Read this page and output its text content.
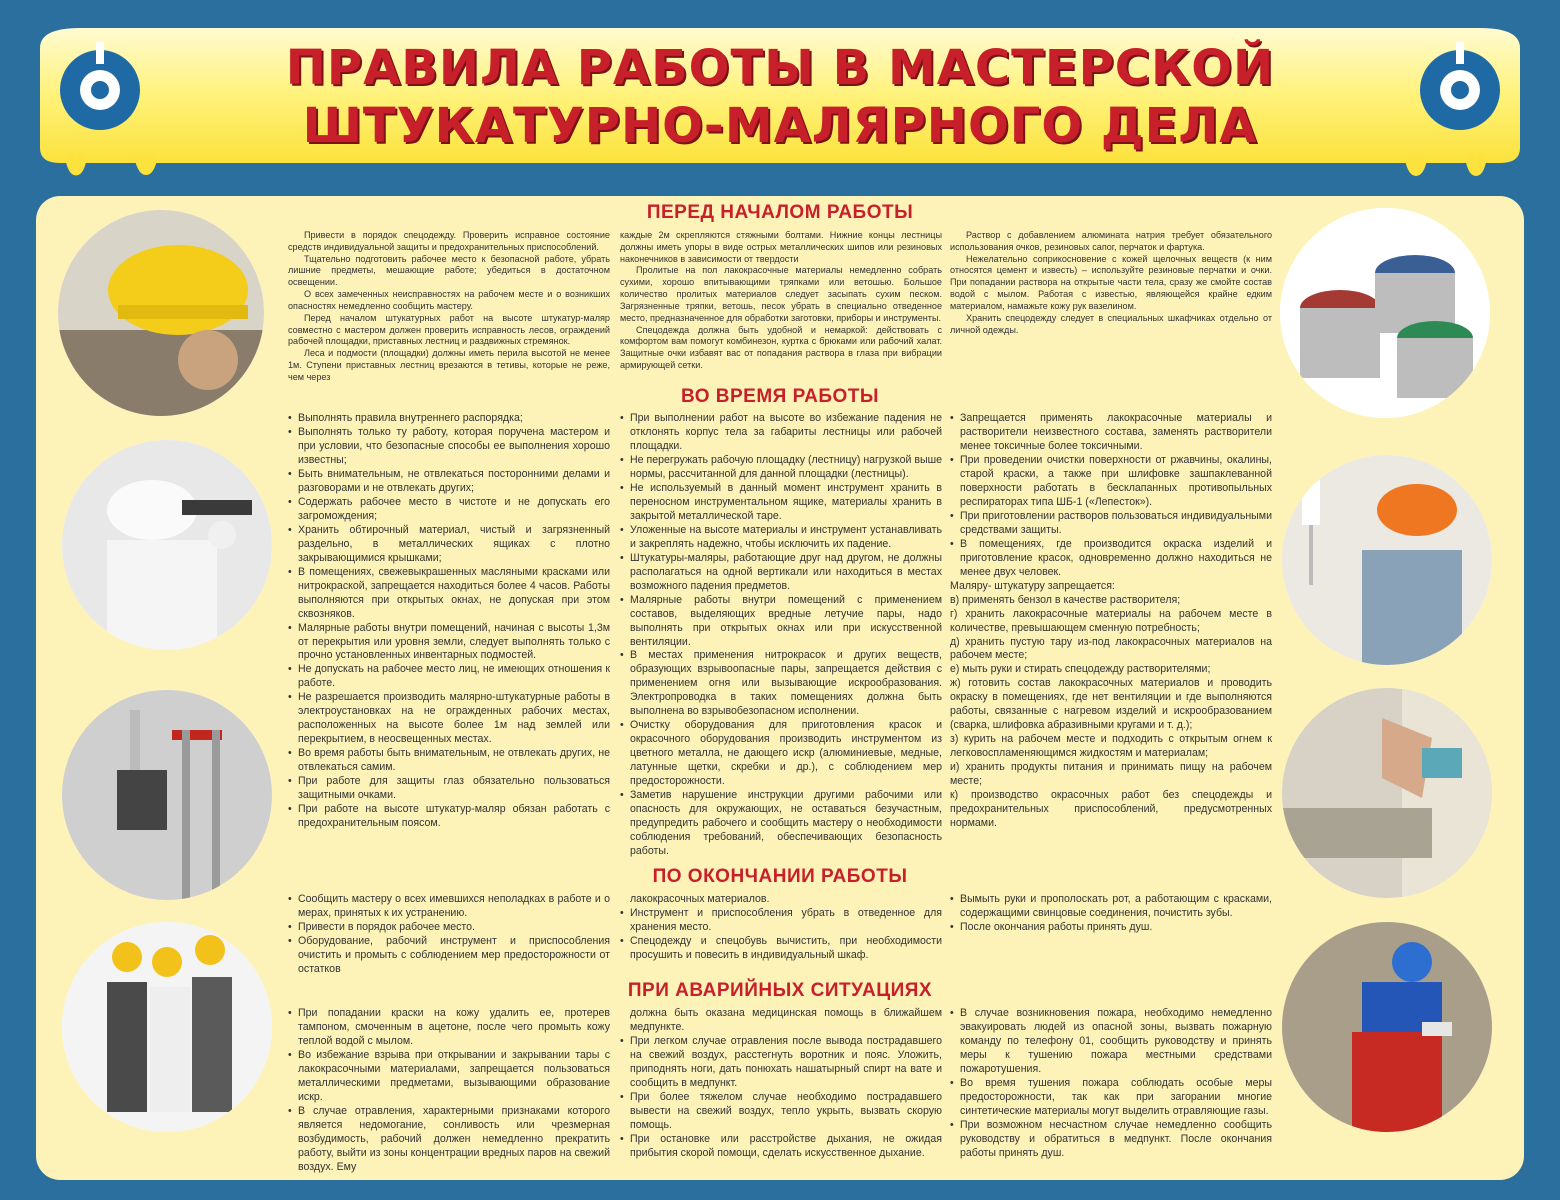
ПРАВИЛА РАБОТЫ В МАСТЕРСКОЙ
ШТУКАТУРНО-МАЛЯРНОГО ДЕЛА
ПЕРЕД НАЧАЛОМ РАБОТЫ

Привести в порядок спецодежду. Проверить исправное состояние средств индивидуальной защиты и предохранительных приспособлений.

Тщательно подготовить рабочее место к безопасной работе, убрать лишние предметы, мешающие работе; убедиться в достаточном освещении.

О всех замеченных неисправностях на рабочем месте и о возникших опасностях немедленно сообщить мастеру.

Перед началом штукатурных работ на высоте штукатур-маляр совместно с мастером должен проверить исправность лесов, ограждений рабочей площадки, приставных лестниц и раздвижных стремянок.

Леса и подмости (площадки) должны иметь перила высотой не менее 1м. Ступени приставных лестниц врезаются в тетивы, которые не реже, чем через

каждые 2м скрепляются стяжными болтами. Нижние концы лестницы должны иметь упоры в виде острых металлических шипов или резиновых наконечников в зависимости от твердости

Пролитые на пол лакокрасочные материалы немедленно собрать сухими, хорошо впитывающими тряпками или ветошью. Большое количество пролитых материалов следует засыпать сухим песком. Загрязненные тряпки, ветошь, песок убрать в специально отведенное место, предназначенное для обработки заготовки, приборы и инструменты.

Спецодежда должна быть удобной и немаркой: действовать с комфортом вам помогут комбинезон, куртка с брюками или рабочий халат. Защитные очки избавят вас от попадания раствора в глаза при вибрации армирующей сетки.

Раствор с добавлением алюмината натрия требует обязательного использования очков, резиновых сапог, перчаток и фартука.

Нежелательно соприкосновение с кожей щелочных веществ (к ним относятся цемент и известь) – используйте резиновые перчатки и очки. При попадании раствора на открытые части тела, сразу же смойте состав водой с мылом. Работая с известью, являющейся крайне едким материалом, намажьте кожу рук вазелином.

Хранить спецодежду следует в специальных шкафчиках отдельно от личной одежды.

ВО ВРЕМЯ РАБОТЫ
• Выполнять правила внутреннего распорядка;
• Выполнять только ту работу, которая поручена мастером и при условии, что безопасные способы ее выполнения хорошо известны;
• Быть внимательным, не отвлекаться посторонними делами и разговорами и не отвлекать других;
• Содержать рабочее место в чистоте и не допускать его загромождения;
• Хранить обтирочный материал, чистый и загрязненный раздельно, в металлических ящиках с плотно закрывающимися крышками;
• В помещениях, свежевыкрашенных масляными красками или нитрокраской, запрещается находиться более 4 часов. Работы выполняются при открытых окнах, не допуская при этом сквозняков.
• Малярные работы внутри помещений, начиная с высоты 1,3м от перекрытия или уровня земли, следует выполнять только с прочно установленных инвентарных подмостей.
• Не допускать на рабочее место лиц, не имеющих отношения к работе.
• Не разрешается производить малярно-штукатурные работы в электроустановках на не огражденных рабочих местах, расположенных на высоте более 1м над землей или перекрытием, в неосвещенных местах.
• Во время работы быть внимательным, не отвлекать других, не отвлекаться самим.
• При работе для защиты глаз обязательно пользоваться защитными очками.
• При работе на высоте штукатур-маляр обязан работать с предохранительным поясом.
• При выполнении работ на высоте во избежание падения не отклонять корпус тела за габариты лестницы или рабочей площадки.
• Не перегружать рабочую площадку (лестницу) нагрузкой выше нормы, рассчитанной для данной площадки (лестницы).
• Не используемый в данный момент инструмент хранить в переносном инструментальном ящике, материалы хранить в закрытой металлической таре.
• Уложенные на высоте материалы и инструмент устанавливать и закреплять надежно, чтобы исключить их падение.
• Штукатуры-маляры, работающие друг над другом, не должны располагаться на одной вертикали или находиться в местах возможного падения предметов.
• Малярные работы внутри помещений с применением составов, выделяющих вредные летучие пары, надо выполнять при открытых окнах или при искусственной вентиляции.
• В местах применения нитрокрасок и других веществ, образующих взрывоопасные пары, запрещается действия с применением огня или вызывающие искрообразования. Электропроводка в таких помещениях должна быть выполнена во взрывобезопасном исполнении.
• Очистку оборудования для приготовления красок и окрасочного оборудования производить инструментом из цветного металла, не дающего искр (алюминиевые, медные, латунные щетки, скребки и др.), с соблюдением мер предосторожности.
• Заметив нарушение инструкции другими рабочими или опасность для окружающих, не оставаться безучастным, предупредить рабочего и сообщить мастеру о необходимости соблюдения требований, обеспечивающих безопасность работы.
• Запрещается применять лакокрасочные материалы и растворители неизвестного состава, заменять растворители менее токсичные более токсичными.
• При проведении очистки поверхности от ржавчины, окалины, старой краски, а также при шлифовке зашпаклеванной поверхности работать в бесклапанных противопыльных респираторах типа ШБ-1 («Лепесток»).
• При приготовлении растворов пользоваться индивидуальными средствами защиты.
• В помещениях, где производится окраска изделий и приготовление красок, одновременно должно находиться не менее двух человек.

Маляру- штукатуру запрещается:

в) применять бензол в качестве растворителя;

г) хранить лакокрасочные материалы на рабочем месте в количестве, превышающем сменную потребность;

д) хранить пустую тару из-под лакокрасочных материалов на рабочем месте;

е) мыть руки и стирать спецодежду растворителями;

ж) готовить состав лакокрасочных материалов и проводить окраску в помещениях, где нет вентиляции и где выполняются работы, связанные с нагревом изделий и искрообразованием (сварка, шлифовка абразивными кругами и т. д.);

з) курить на рабочем месте и подходить с открытым огнем к легковоспламеняющимся жидкостям и материалам;

и) хранить продукты питания и принимать пищу на рабочем месте;

к) производство окрасочных работ без спецодежды и предохранительных приспособлений, предусмотренных нормами.

ПО ОКОНЧАНИИ РАБОТЫ
• Сообщить мастеру о всех имевшихся неполадках в работе и о мерах, принятых к их устранению.
• Привести в порядок рабочее место.
• Оборудование, рабочий инструмент и приспособления очистить и промыть с соблюдением мер предосторожности от остатков

лакокрасочных материалов.

• Инструмент и приспособления убрать в отведенное для хранения место.
• Спецодежду и спецобувь вычистить, при необходимости просушить и повесить в индивидуальный шкаф.
• Вымыть руки и прополоскать рот, а работающим с красками, содержащими свинцовые соединения, почистить зубы.
• После окончания работы принять душ.
ПРИ АВАРИЙНЫХ СИТУАЦИЯХ
• При попадании краски на кожу удалить ее, протерев тампоном, смоченным в ацетоне, после чего промыть кожу теплой водой с мылом.
• Во избежание взрыва при открывании и закрывании тары с лакокрасочными материалами, запрещается пользоваться металлическими предметами, вызывающими образование искр.
• В случае отравления, характерными признаками которого является недомогание, сонливость или чрезмерная возбудимость, рабочий должен немедленно прекратить работу, выйти из зоны концентрации вредных паров на свежий воздух. Ему

должна быть оказана медицинская помощь в ближайшем медпункте.

• При легком случае отравления после вывода пострадавшего на свежий воздух, расстегнуть воротник и пояс. Уложить, приподнять ноги, дать понюхать нашатырный спирт на вате и сообщить в медпункт.
• При более тяжелом случае необходимо пострадавшего вывести на свежий воздух, тепло укрыть, вызвать скорую помощь.
• При остановке или расстройстве дыхания, не ожидая прибытия скорой помощи, сделать искусственное дыхание.
• В случае возникновения пожара, необходимо немедленно эвакуировать людей из опасной зоны, вызвать пожарную команду по телефону 01, сообщить руководству и принять меры к тушению пожара местными средствами пожаротушения.
• Во время тушения пожара соблюдать особые меры предосторожности, так как при загорании многие синтетические материалы могут выделить отравляющие газы.
• При возможном несчастном случае немедленно сообщить руководству и обратиться в медпункт. После окончания работы принять душ.
